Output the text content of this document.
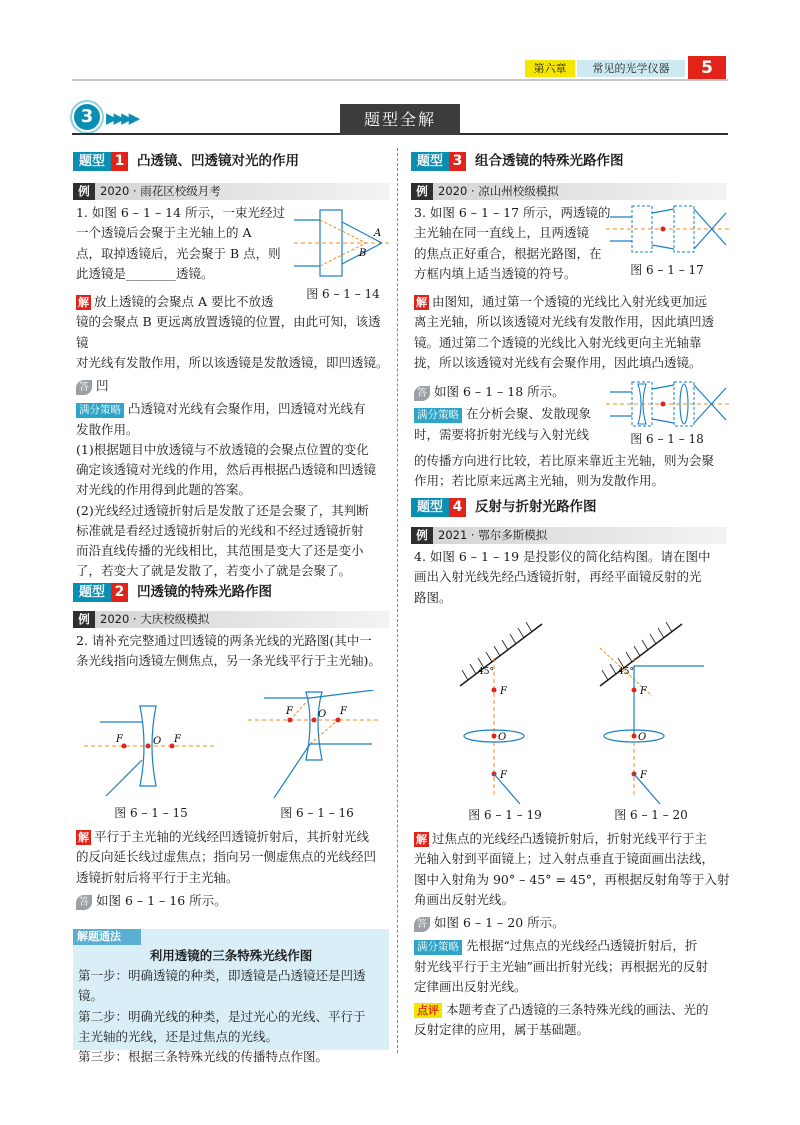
第六章	常见的光学仪器	5
3 ▶▶▶▶	题型全解
题型 1 凸透镜、凹透镜对光的作用
例 2020 · 雨花区校级月考
1. 如图 6 – 1 – 14 所示，一束光经过
一个透镜后会聚于主光轴上的 A
点，取掉透镜后，光会聚于 B 点，则
此透镜是________透镜。
A
B
图 6 – 1 – 14
解 放上透镜的会聚点 A 要比不放透
镜的会聚点 B 更远离放置透镜的位置，由此可知，该透镜
对光线有发散作用，所以该透镜是发散透镜，即凹透镜。
答 凹
满分策略 凸透镜对光线有会聚作用，凹透镜对光线有
发散作用。
(1)根据题目中放透镜与不放透镜的会聚点位置的变化
确定该透镜对光线的作用，然后再根据凸透镜和凹透镜
对光线的作用得到此题的答案。
(2)光线经过透镜折射后是发散了还是会聚了，其判断
标准就是看经过透镜折射后的光线和不经过透镜折射
而沿直线传播的光线相比，其范围是变大了还是变小
了，若变大了就是发散了，若变小了就是会聚了。
题型 2 凹透镜的特殊光路作图
例 2020 · 大庆校级模拟
2. 请补充完整通过凹透镜的两条光线的光路图(其中一
条光线指向透镜左侧焦点，另一条光线平行于主光轴)。
F	O F
图 6 – 1 – 15
F	O F
图 6 – 1 – 16
解 平行于主光轴的光线经凹透镜折射后，其折射光线
的反向延长线过虚焦点；指向另一侧虚焦点的光线经凹
透镜折射后将平行于主光轴。
答 如图 6 – 1 – 16 所示。
解题通法
利用透镜的三条特殊光线作图
第一步：明确透镜的种类，即透镜是凸透镜还是凹透镜。
第二步：明确光线的种类，是过光心的光线、平行于
主光轴的光线，还是过焦点的光线。
第三步：根据三条特殊光线的传播特点作图。
题型 3 组合透镜的特殊光路作图
例 2020 · 凉山州校级模拟
3. 如图 6 – 1 – 17 所示，两透镜的
主光轴在同一直线上，且两透镜
的焦点正好重合，根据光路图，在
方框内填上适当透镜的符号。	图 6 – 1 – 17
解 由图知，通过第一个透镜的光线比入射光线更加远
离主光轴，所以该透镜对光线有发散作用，因此填凹透
镜。通过第二个透镜的光线比入射光线更向主光轴靠
拢，所以该透镜对光线有会聚作用，因此填凸透镜。
答 如图 6 – 1 – 18 所示。
满分策略 在分析会聚、发散现象
时，需要将折射光线与入射光线
的传播方向进行比较，若比原来靠近主光轴，则为会聚
作用；若比原来远离主光轴，则为发散作用。
图 6 – 1 – 18
题型 4 反射与折射光路作图
例 2021 · 鄂尔多斯模拟
4. 如图 6 – 1 – 19 是投影仪的简化结构图。请在图中
画出入射光线先经凸透镜折射，再经平面镜反射的光
路图。
45°
F
O
F
图 6 – 1 – 19
45°
F
O
F
图 6 – 1 – 20
解 过焦点的光线经凸透镜折射后，折射光线平行于主
光轴入射到平面镜上；过入射点垂直于镜面画出法线，
图中入射角为 90° – 45° = 45°，再根据反射角等于入射
角画出反射光线。
答 如图 6 – 1 – 20 所示。
满分策略 先根据“过焦点的光线经凸透镜折射后，折
射光线平行于主光轴”画出折射光线；再根据光的反射
定律画出反射光线。
点评 本题考查了凸透镜的三条特殊光线的画法、光的
反射定律的应用，属于基础题。
